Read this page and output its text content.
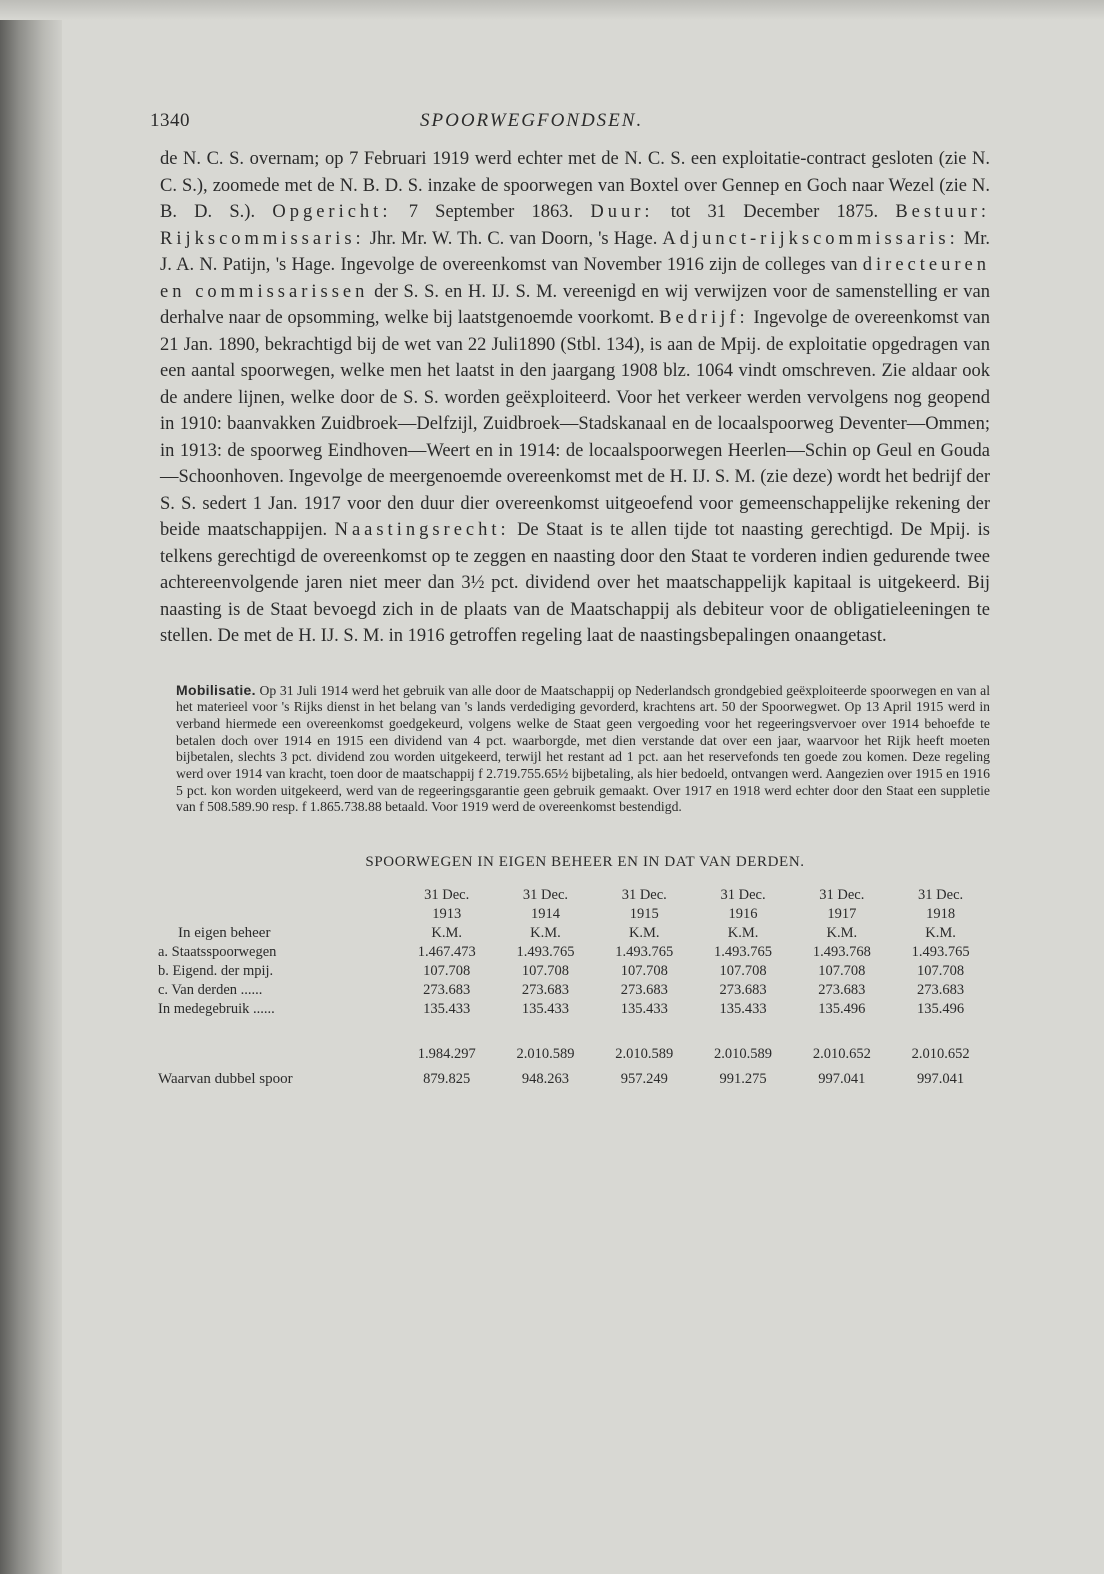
1340	SPOORWEGFONDSEN.

de N. C. S. overnam; op 7 Februari 1919 werd echter met de N. C. S. een exploitatie-contract gesloten (zie N. C. S.), zoomede met de N. B. D. S. inzake de spoorwegen van Boxtel over Gennep en Goch naar Wezel (zie N. B. D. S.). Opgericht: 7 September 1863. Duur: tot 31 December 1875. Bestuur: Rijkscommissaris: Jhr. Mr. W. Th. C. van Doorn, 's Hage. Adjunct-rijkscommissaris: Mr. J. A. N. Patijn, 's Hage. Ingevolge de overeenkomst van November 1916 zijn de colleges van directeuren en commissarissen der S. S. en H. IJ. S. M. vereenigd en wij verwijzen voor de samenstelling er van derhalve naar de opsomming, welke bij laatstgenoemde voorkomt. Bedrijf: Ingevolge de overeenkomst van 21 Jan. 1890, bekrachtigd bij de wet van 22 Juli1890 (Stbl. 134), is aan de Mpij. de exploitatie opgedragen van een aantal spoorwegen, welke men het laatst in den jaargang 1908 blz. 1064 vindt omschreven. Zie aldaar ook de andere lijnen, welke door de S. S. worden geëxploiteerd. Voor het verkeer werden vervolgens nog geopend in 1910: baanvakken Zuidbroek—Delfzijl, Zuidbroek—Stadskanaal en de locaalspoorweg Deventer—Ommen; in 1913: de spoorweg Eindhoven—Weert en in 1914: de locaalspoorwegen Heerlen—Schin op Geul en Gouda—Schoonhoven. Ingevolge de meergenoemde overeenkomst met de H. IJ. S. M. (zie deze) wordt het bedrijf der S. S. sedert 1 Jan. 1917 voor den duur dier overeenkomst uitgeoefend voor gemeenschappelijke rekening der beide maatschappijen. Naastingsrecht: De Staat is te allen tijde tot naasting gerechtigd. De Mpij. is telkens gerechtigd de overeenkomst op te zeggen en naasting door den Staat te vorderen indien gedurende twee achtereenvolgende jaren niet meer dan 3½ pct. dividend over het maatschappelijk kapitaal is uitgekeerd. Bij naasting is de Staat bevoegd zich in de plaats van de Maatschappij als debiteur voor de obligatieleeningen te stellen. De met de H. IJ. S. M. in 1916 getroffen regeling laat de naastingsbepalingen onaangetast.

Mobilisatie. Op 31 Juli 1914 werd het gebruik van alle door de Maatschappij op Nederlandsch grondgebied geëxploiteerde spoorwegen en van al het materieel voor 's Rijks dienst in het belang van 's lands verdediging gevorderd, krachtens art. 50 der Spoorwegwet. Op 13 April 1915 werd in verband hiermede een overeenkomst goedgekeurd, volgens welke de Staat geen vergoeding voor het regeeringsvervoer over 1914 behoefde te betalen doch over 1914 en 1915 een dividend van 4 pct. waarborgde, met dien verstande dat over een jaar, waarvoor het Rijk heeft moeten bijbetalen, slechts 3 pct. dividend zou worden uitgekeerd, terwijl het restant ad 1 pct. aan het reservefonds ten goede zou komen. Deze regeling werd over 1914 van kracht, toen door de maatschappij f 2.719.755.65½ bijbetaling, als hier bedoeld, ontvangen werd. Aangezien over 1915 en 1916 5 pct. kon worden uitgekeerd, werd van de regeeringsgarantie geen gebruik gemaakt. Over 1917 en 1918 werd echter door den Staat een suppletie van f 508.589.90 resp. f 1.865.738.88 betaald. Voor 1919 werd de overeenkomst bestendigd.

SPOORWEGEN IN EIGEN BEHEER EN IN DAT VAN DERDEN.
	31 Dec.	31 Dec.	31 Dec.	31 Dec.	31 Dec.	31 Dec.
	1913	1914	1915	1916	1917	1918
In eigen beheer	K.M.	K.M.	K.M.	K.M.	K.M.	K.M.
a. Staatsspoorwegen	1.467.473	1.493.765	1.493.765	1.493.765	1.493.768	1.493.765
b. Eigend. der mpij.	107.708	107.708	107.708	107.708	107.708	107.708
c. Van derden ......	273.683	273.683	273.683	273.683	273.683	273.683
In medegebruik ......	135.433	135.433	135.433	135.433	135.496	135.496

	1.984.297	2.010.589	2.010.589	2.010.589	2.010.652	2.010.652
Waarvan dubbel spoor	879.825	948.263	957.249	991.275	997.041	997.041
